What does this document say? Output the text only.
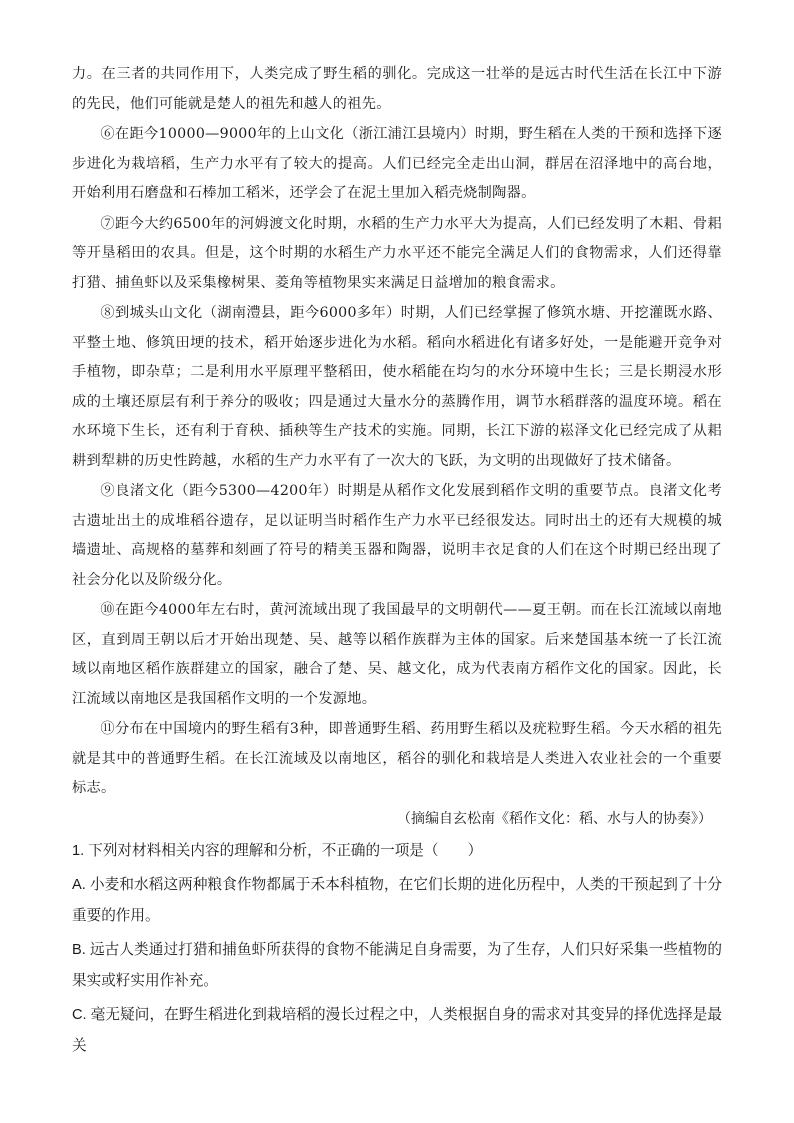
力。在三者的共同作用下，人类完成了野生稻的驯化。完成这一壮举的是远古时代生活在长江中下游的先民，他们可能就是楚人的祖先和越人的祖先。

⑥在距今10000—9000年的上山文化（浙江浦江县境内）时期，野生稻在人类的干预和选择下逐步进化为栽培稻，生产力水平有了较大的提高。人们已经完全走出山洞，群居在沼泽地中的高台地，开始利用石磨盘和石棒加工稻米，还学会了在泥土里加入稻壳烧制陶器。

⑦距今大约6500年的河姆渡文化时期，水稻的生产力水平大为提高，人们已经发明了木耜、骨耜等开垦稻田的农具。但是，这个时期的水稻生产力水平还不能完全满足人们的食物需求，人们还得靠打猎、捕鱼虾以及采集橡树果、菱角等植物果实来满足日益增加的粮食需求。

⑧到城头山文化（湖南澧县，距今6000多年）时期，人们已经掌握了修筑水塘、开挖灌既水路、平整土地、修筑田埂的技术，稻开始逐步进化为水稻。稻向水稻进化有诸多好处，一是能避开竞争对手植物，即杂草；二是利用水平原理平整稻田，使水稻能在均匀的水分环境中生长；三是长期浸水形成的土壤还原层有利于养分的吸收；四是通过大量水分的蒸腾作用，调节水稻群落的温度环境。稻在水环境下生长，还有利于育秧、插秧等生产技术的实施。同期，长江下游的崧泽文化已经完成了从耜耕到犁耕的历史性跨越，水稻的生产力水平有了一次大的飞跃，为文明的出现做好了技术储备。

⑨良渚文化（距今5300—4200年）时期是从稻作文化发展到稻作文明的重要节点。良渚文化考古遗址出土的成堆稻谷遗存，足以证明当时稻作生产力水平已经很发达。同时出土的还有大规模的城墙遗址、高规格的墓葬和刻画了符号的精美玉器和陶器，说明丰衣足食的人们在这个时期已经出现了社会分化以及阶级分化。

⑩在距今4000年左右时，黄河流域出现了我国最早的文明朝代——夏王朝。而在长江流域以南地区，直到周王朝以后才开始出现楚、吴、越等以稻作族群为主体的国家。后来楚国基本统一了长江流域以南地区稻作族群建立的国家，融合了楚、吴、越文化，成为代表南方稻作文化的国家。因此，长江流域以南地区是我国稻作文明的一个发源地。

⑪分布在中国境内的野生稻有3种，即普通野生稻、药用野生稻以及疣粒野生稻。今天水稻的祖先就是其中的普通野生稻。在长江流域及以南地区，稻谷的驯化和栽培是人类进入农业社会的一个重要标志。

（摘编自玄松南《稻作文化：稻、水与人的协奏》）

1. 下列对材料相关内容的理解和分析，不正确的一项是（　　）

A. 小麦和水稻这两种粮食作物都属于禾本科植物，在它们长期的进化历程中，人类的干预起到了十分重要的作用。

B. 远古人类通过打猎和捕鱼虾所获得的食物不能满足自身需要，为了生存，人们只好采集一些植物的果实或籽实用作补充。

C. 毫无疑问，在野生稻进化到栽培稻的漫长过程之中，人类根据自身的需求对其变异的择优选择是最关
